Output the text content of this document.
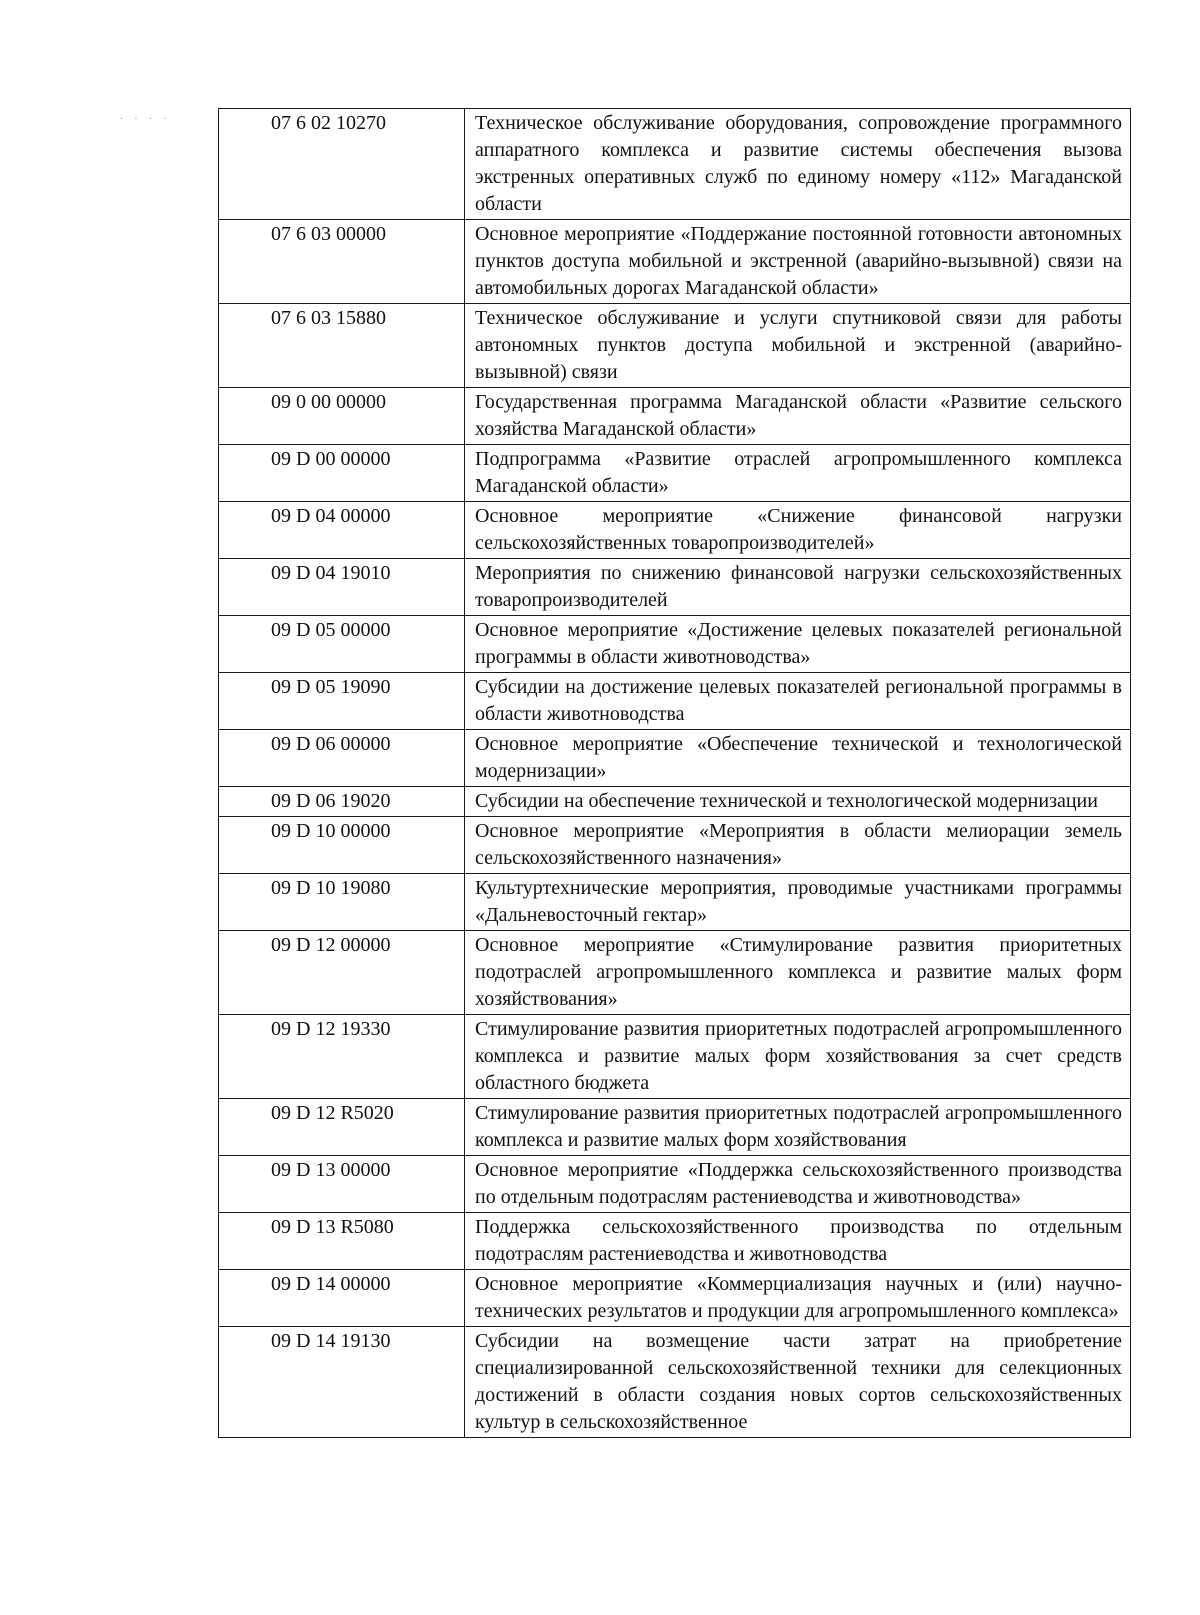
· · · ·	07 6 02 10270	Техническое обслуживание оборудования, сопровождение программного аппаратного комплекса и развитие системы обеспечения вызова экстренных оперативных служб по единому номеру «112» Магаданской области

07 6 03 00000	Основное мероприятие «Поддержание постоянной готовности автономных пунктов доступа мобильной и экстренной (аварийно-вызывной) связи на автомобильных дорогах Магаданской области»

07 6 03 15880	Техническое обслуживание и услуги спутниковой связи для работы автономных пунктов доступа мобильной и экстренной (аварийно-вызывной) связи

09 0 00 00000	Государственная программа Магаданской области «Развитие сельского хозяйства Магаданской области»

09 D 00 00000	Подпрограмма «Развитие отраслей агропромышленного комплекса Магаданской области»

09 D 04 00000	Основное мероприятие «Снижение финансовой нагрузки сельскохозяйственных товаропроизводителей»

09 D 04 19010	Мероприятия по снижению финансовой нагрузки сельскохозяйственных товаропроизводителей

09 D 05 00000	Основное мероприятие «Достижение целевых показателей региональной программы в области животноводства»

09 D 05 19090	Субсидии на достижение целевых показателей региональной программы в области животноводства

09 D 06 00000	Основное мероприятие «Обеспечение технической и технологической модернизации»

09 D 06 19020	Субсидии на обеспечение технической и технологической модернизации

09 D 10 00000	Основное мероприятие «Мероприятия в области мелиорации земель сельскохозяйственного назначения»

09 D 10 19080	Культуртехнические мероприятия, проводимые участниками программы «Дальневосточный гектар»

09 D 12 00000	Основное мероприятие «Стимулирование развития приоритетных подотраслей агропромышленного комплекса и развитие малых форм хозяйствования»

09 D 12 19330	Стимулирование развития приоритетных подотраслей агропромышленного комплекса и развитие малых форм хозяйствования за счет средств областного бюджета

09 D 12 R5020	Стимулирование развития приоритетных подотраслей агропромышленного комплекса и развитие малых форм хозяйствования

09 D 13 00000	Основное мероприятие «Поддержка сельскохозяйственного производства по отдельным подотраслям растениеводства и животноводства»

09 D 13 R5080	Поддержка сельскохозяйственного производства по отдельным подотраслям растениеводства и животноводства

09 D 14 00000	Основное мероприятие «Коммерциализация научных и (или) научно-технических результатов и продукции для агропромышленного комплекса»

09 D 14 19130	Субсидии на возмещение части затрат на приобретение специализированной сельскохозяйственной техники для селекционных достижений в области создания новых сортов сельскохозяйственных культур в сельскохозяйственное
